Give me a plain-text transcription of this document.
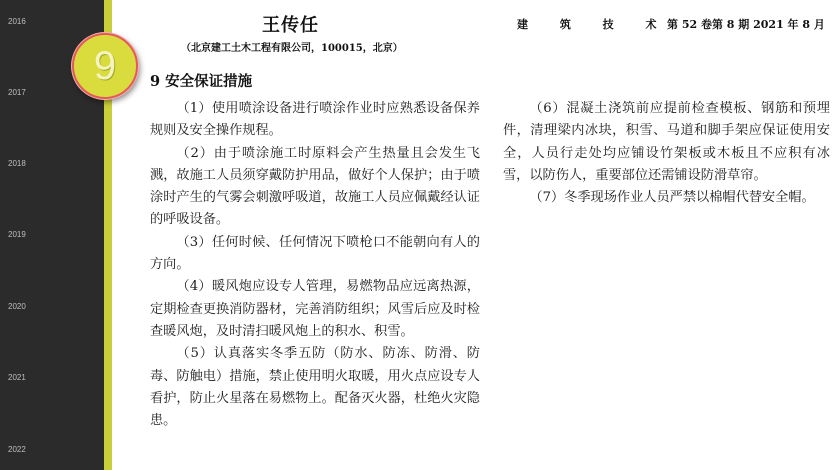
2016
2017
2018
2019
2020
2021
2022
王传任
（北京建工土木工程有限公司，100015，北京）
建 筑 技 术
第 52 卷第 8 期 2021 年 8 月
9 9 安全保证措施

（1）使用喷涂设备进行喷涂作业时应熟悉设备保养规则及安全操作规程。

（2）由于喷涂施工时原料会产生热量且会发生飞溅，故施工人员须穿戴防护用品，做好个人保护；由于喷涂时产生的气雾会刺激呼吸道，故施工人员应佩戴经认证的呼吸设备。

（3）任何时候、任何情况下喷枪口不能朝向有人的方向。

（4）暖风炮应设专人管理，易燃物品应远离热源，定期检查更换消防器材，完善消防组织；风雪后应及时检查暖风炮，及时清扫暖风炮上的积水、积雪。

（5）认真落实冬季五防（防水、防冻、防滑、防毒、防触电）措施，禁止使用明火取暖，用火点应设专人看护，防止火星落在易燃物上。配备灭火器，杜绝火灾隐患。

（6）混凝土浇筑前应提前检查模板、钢筋和预埋件，清理梁内冰块，积雪、马道和脚手架应保证使用安全，人员行走处均应铺设竹架板或木板且不应积有冰雪，以防伤人，重要部位还需铺设防滑草帘。

（7）冬季现场作业人员严禁以棉帽代替安全帽。
